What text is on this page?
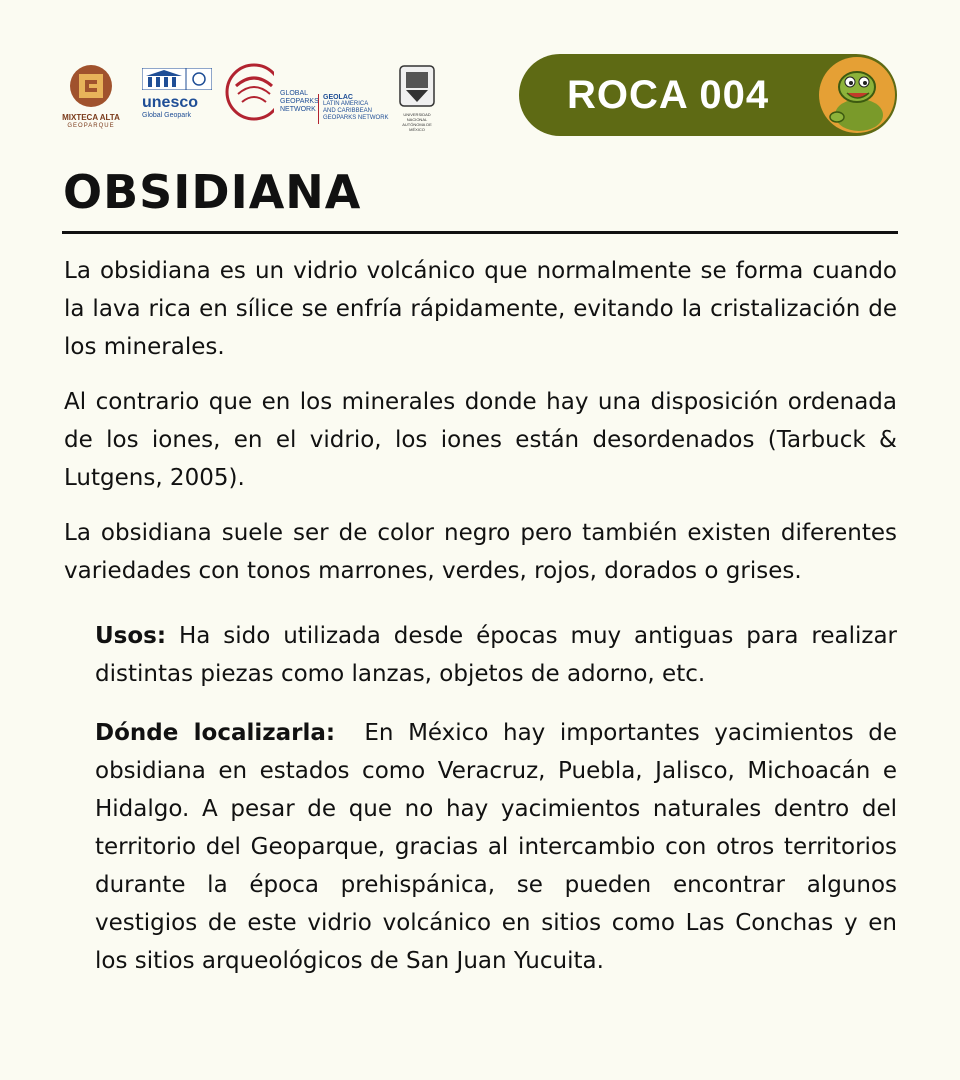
MIXTECA ALTA
GEOPARQUE
unesco
Global Geopark
GLOBAL
GEOPARKS
NETWORK
GEOLAC
LATIN AMERICA
AND CARIBBEAN
GEOPARKS NETWORK
UNIVERSIDAD NACIONAL AUTÓNOMA DE MÉXICO
ROCA 004
OBSIDIANA

La obsidiana es un vidrio volcánico que normalmente se forma cuando la lava rica en sílice se enfría rápidamente, evitando la cristalización de los minerales.

Al contrario que en los minerales donde hay una disposición ordenada de los iones, en el vidrio, los iones están desordenados (Tarbuck & Lutgens, 2005).

La obsidiana suele ser de color negro pero también existen diferentes variedades con tonos marrones, verdes, rojos, dorados o grises.

Usos: Ha sido utilizada desde épocas muy antiguas para realizar distintas piezas como lanzas, objetos de adorno, etc.

Dónde localizarla:  En México hay importantes yacimientos de obsidiana en estados como Veracruz, Puebla, Jalisco, Michoacán e Hidalgo. A pesar de que no hay yacimientos naturales dentro del territorio del Geoparque, gracias al intercambio con otros territorios durante la época prehispánica, se pueden encontrar algunos vestigios de este vidrio volcánico en sitios como Las Conchas y en los sitios arqueológicos de San Juan Yucuita.
